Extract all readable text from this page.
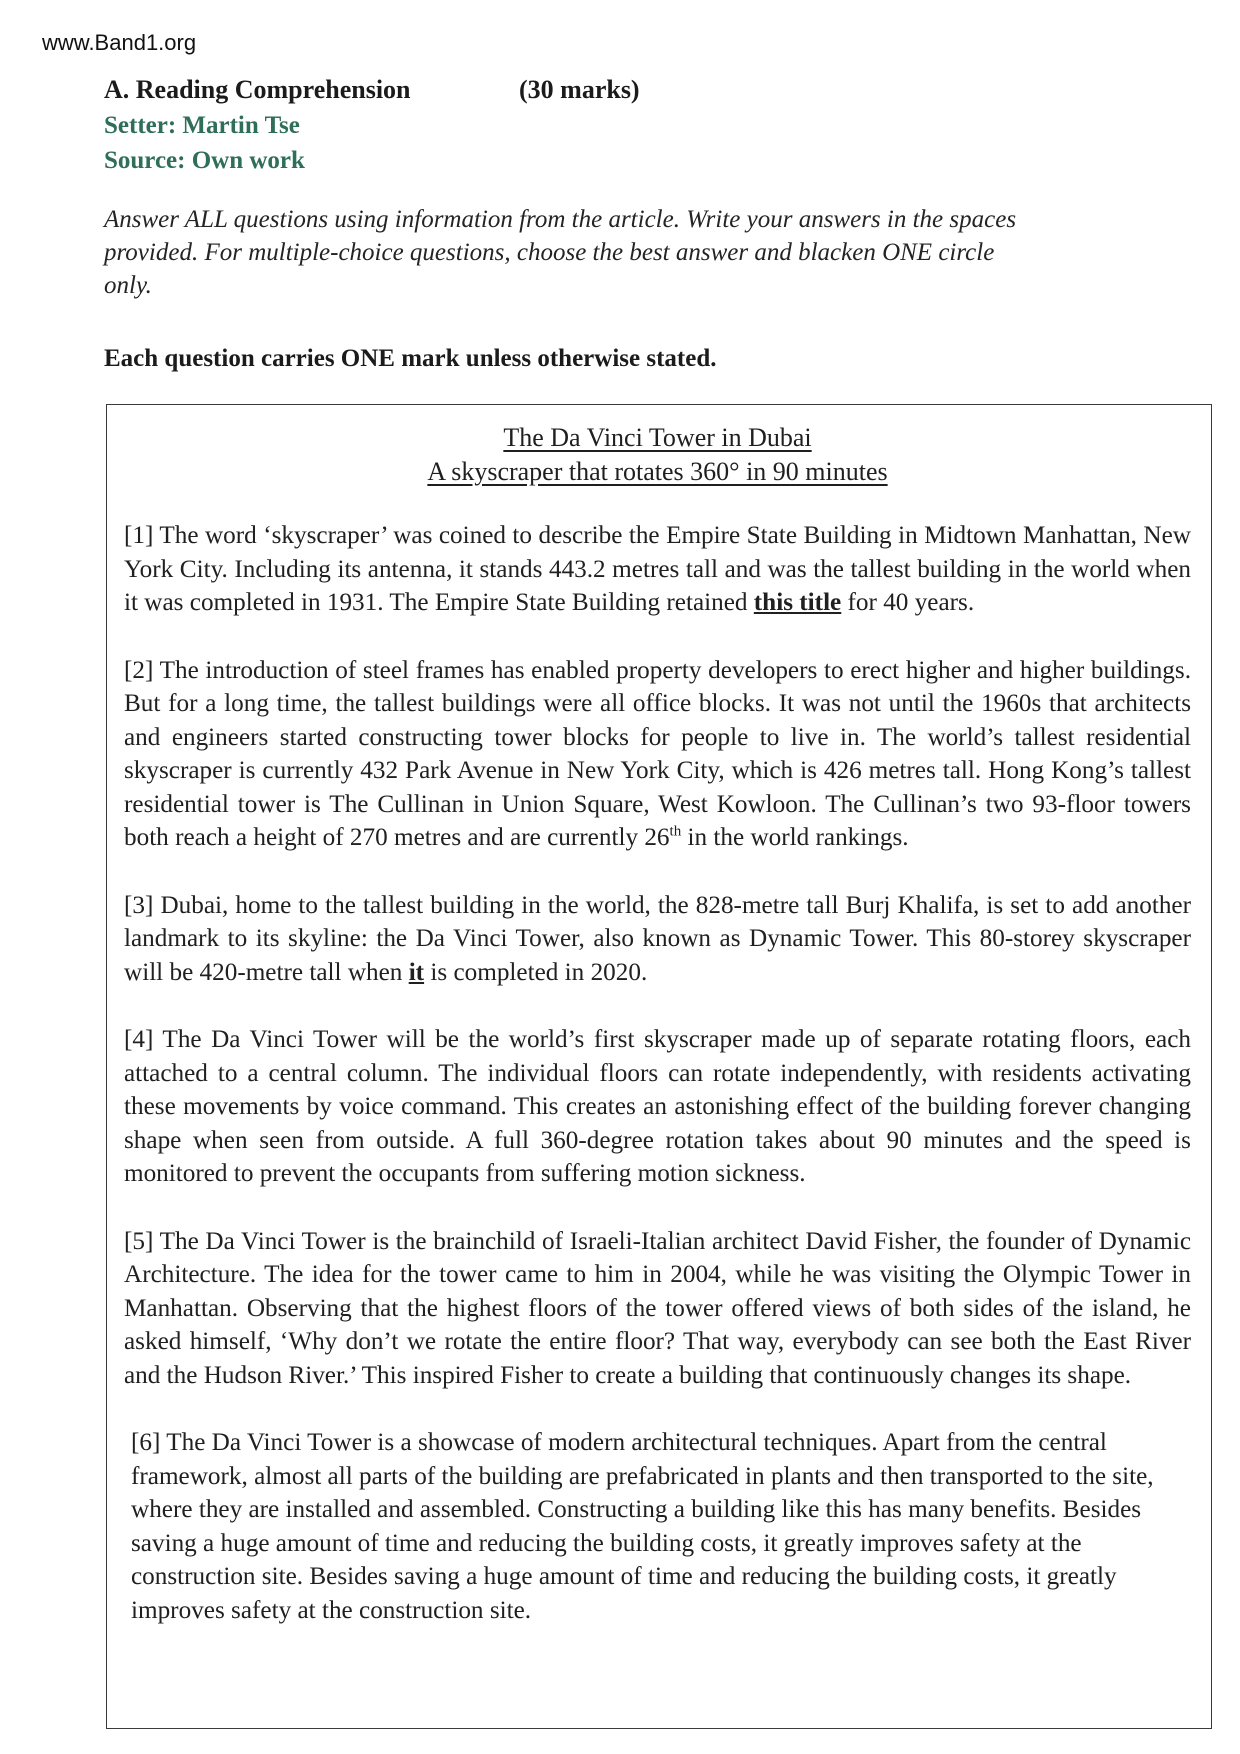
www.Band1.org
A. Reading Comprehension	(30 marks)
Setter: Martin Tse
Source: Own work
Answer ALL questions using information from the article. Write your answers in the spaces
provided. For multiple-choice questions, choose the best answer and blacken ONE circle
only.
Each question carries ONE mark unless otherwise stated.
The Da Vinci Tower in Dubai
A skyscraper that rotates 360° in 90 minutes

[1] The word ‘skyscraper’ was coined to describe the Empire State Building in Midtown Manhattan, New York City. Including its antenna, it stands 443.2 metres tall and was the tallest building in the world when it was completed in 1931. The Empire State Building retained this title for 40 years.

[2] The introduction of steel frames has enabled property developers to erect higher and higher buildings. But for a long time, the tallest buildings were all office blocks. It was not until the 1960s that architects and engineers started constructing tower blocks for people to live in. The world’s tallest residential skyscraper is currently 432 Park Avenue in New York City, which is 426 metres tall. Hong Kong’s tallest residential tower is The Cullinan in Union Square, West Kowloon. The Cullinan’s two 93-floor towers both reach a height of 270 metres and are currently 26th in the world rankings.

[3] Dubai, home to the tallest building in the world, the 828-metre tall Burj Khalifa, is set to add another landmark to its skyline: the Da Vinci Tower, also known as Dynamic Tower. This 80-storey skyscraper will be 420-metre tall when it is completed in 2020.

[4] The Da Vinci Tower will be the world’s first skyscraper made up of separate rotating floors, each attached to a central column. The individual floors can rotate independently, with residents activating these movements by voice command. This creates an astonishing effect of the building forever changing shape when seen from outside. A full 360-degree rotation takes about 90 minutes and the speed is monitored to prevent the occupants from suffering motion sickness.

[5] The Da Vinci Tower is the brainchild of Israeli-Italian architect David Fisher, the founder of Dynamic Architecture. The idea for the tower came to him in 2004, while he was visiting the Olympic Tower in Manhattan. Observing that the highest floors of the tower offered views of both sides of the island, he asked himself, ‘Why don’t we rotate the entire floor? That way, everybody can see both the East River and the Hudson River.’ This inspired Fisher to create a building that continuously changes its shape.

[6] The Da Vinci Tower is a showcase of modern architectural techniques. Apart from the central framework, almost all parts of the building are prefabricated in plants and then transported to the site, where they are installed and assembled. Constructing a building like this has many benefits. Besides saving a huge amount of time and reducing the building costs, it greatly improves safety at the construction site. Besides saving a huge amount of time and reducing the building costs, it greatly improves safety at the construction site.
